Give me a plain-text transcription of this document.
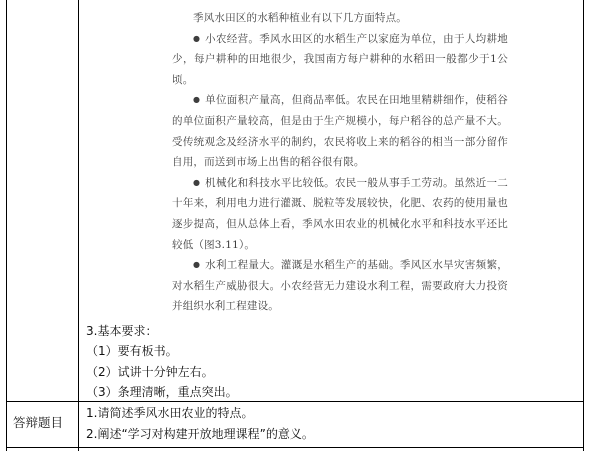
季风水田区的水稻种植业有以下几方面特点。

● 小农经营。季风水田区的水稻生产以家庭为单位，由于人均耕地少，每户耕种的田地很少，我国南方每户耕种的水稻田一般都少于1公顷。

● 单位面积产量高，但商品率低。农民在田地里精耕细作，使稻谷的单位面积产量较高，但是由于生产规模小，每户稻谷的总产量不大。受传统观念及经济水平的制约，农民将收上来的稻谷的相当一部分留作自用，而送到市场上出售的稻谷很有限。

● 机械化和科技水平比较低。农民一般从事手工劳动。虽然近一二十年来，利用电力进行灌溉、脱粒等发展较快，化肥、农药的使用量也逐步提高，但从总体上看，季风水田农业的机械化水平和科技水平还比较低（图3.11）。

● 水利工程量大。灌溉是水稻生产的基础。季风区水旱灾害频繁，对水稻生产威胁很大。小农经营无力建设水利工程，需要政府大力投资并组织水利工程建设。

3.基本要求：
（1）要有板书。
（2）试讲十分钟左右。
（3）条理清晰，重点突出。
答辩题目
1.请简述季风水田农业的特点。
2.阐述“学习对构建开放地理课程”的意义。
